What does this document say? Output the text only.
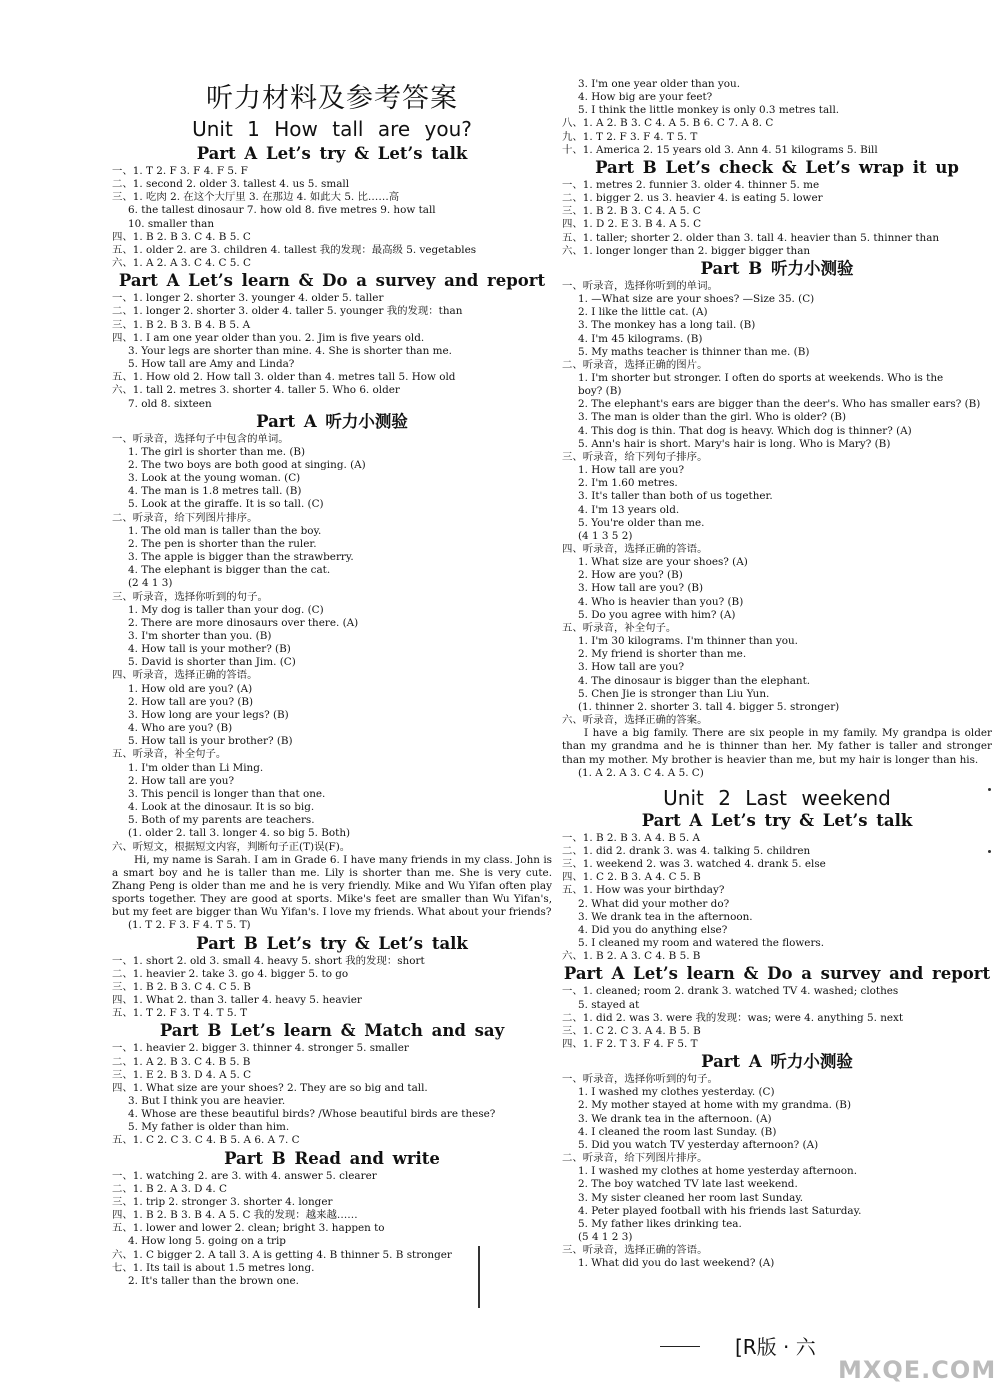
听力材料及参考答案
Unit 1 How tall are you?
Part A Let’s try & Let’s talk
一、1. T 2. F 3. F 4. F 5. F
二、1. second 2. older 3. tallest 4. us 5. small
三、1. 吃肉 2. 在这个大厅里 3. 在那边 4. 如此大 5. 比……高
6. the tallest dinosaur 7. how old 8. five metres 9. how tall
10. smaller than
四、1. B 2. B 3. C 4. B 5. C
五、1. older 2. are 3. children 4. tallest 我的发现：最高级 5. vegetables
六、1. A 2. A 3. C 4. C 5. C
Part A Let’s learn & Do a survey and report
一、1. longer 2. shorter 3. younger 4. older 5. taller
二、1. longer 2. shorter 3. older 4. taller 5. younger 我的发现：than
三、1. B 2. B 3. B 4. B 5. A
四、1. I am one year older than you. 2. Jim is five years old.
3. Your legs are shorter than mine. 4. She is shorter than me.
5. How tall are Amy and Linda?
五、1. How old 2. How tall 3. older than 4. metres tall 5. How old
六、1. tall 2. metres 3. shorter 4. taller 5. Who 6. older
7. old 8. sixteen
Part A 听力小测验
一、听录音，选择句子中包含的单词。
1. The girl is shorter than me. (B)
2. The two boys are both good at singing. (A)
3. Look at the young woman. (C)
4. The man is 1.8 metres tall. (B)
5. Look at the giraffe. It is so tall. (C)
二、听录音，给下列图片排序。
1. The old man is taller than the boy.
2. The pen is shorter than the ruler.
3. The apple is bigger than the strawberry.
4. The elephant is bigger than the cat.
(2 4 1 3)
三、听录音，选择你听到的句子。
1. My dog is taller than your dog. (C)
2. There are more dinosaurs over there. (A)
3. I'm shorter than you. (B)
4. How tall is your mother? (B)
5. David is shorter than Jim. (C)
四、听录音，选择正确的答语。
1. How old are you? (A)
2. How tall are you? (B)
3. How long are your legs? (B)
4. Who are you? (B)
5. How tall is your brother? (B)
五、听录音，补全句子。
1. I'm older than Li Ming.
2. How tall are you?
3. This pencil is longer than that one.
4. Look at the dinosaur. It is so big.
5. Both of my parents are teachers.
(1. older 2. tall 3. longer 4. so big 5. Both)
六、听短文，根据短文内容，判断句子正(T)误(F)。
Hi, my name is Sarah. I am in Grade 6. I have many friends in my class. John is a smart boy and he is taller than me. Lily is shorter than me. She is very cute. Zhang Peng is older than me and he is very friendly. Mike and Wu Yifan often play sports together. They are good at sports. Mike's feet are smaller than Wu Yifan's, but my feet are bigger than Wu Yifan's. I love my friends. What about your friends?
(1. T 2. F 3. F 4. T 5. T)
Part B Let’s try & Let’s talk
一、1. short 2. old 3. small 4. heavy 5. short 我的发现：short
二、1. heavier 2. take 3. go 4. bigger 5. to go
三、1. B 2. B 3. C 4. C 5. B
四、1. What 2. than 3. taller 4. heavy 5. heavier
五、1. T 2. F 3. T 4. T 5. T
Part B Let’s learn & Match and say
一、1. heavier 2. bigger 3. thinner 4. stronger 5. smaller
二、1. A 2. B 3. C 4. B 5. B
三、1. E 2. B 3. D 4. A 5. C
四、1. What size are your shoes? 2. They are so big and tall.
3. But I think you are heavier.
4. Whose are these beautiful birds? /Whose beautiful birds are these?
5. My father is older than him.
五、1. C 2. C 3. C 4. B 5. A 6. A 7. C
Part B Read and write
一、1. watching 2. are 3. with 4. answer 5. clearer
二、1. B 2. A 3. D 4. C
三、1. trip 2. stronger 3. shorter 4. longer
四、1. B 2. B 3. B 4. A 5. C 我的发现：越来越……
五、1. lower and lower 2. clean; bright 3. happen to
4. How long 5. going on a trip
六、1. C bigger 2. A tall 3. A is getting 4. B thinner 5. B stronger
七、1. Its tail is about 1.5 metres long.
2. It's taller than the brown one.
3. I'm one year older than you.
4. How big are your feet?
5. I think the little monkey is only 0.3 metres tall.
八、1. A 2. B 3. C 4. A 5. B 6. C 7. A 8. C
九、1. T 2. F 3. F 4. T 5. T
十、1. America 2. 15 years old 3. Ann 4. 51 kilograms 5. Bill
Part B Let’s check & Let’s wrap it up
一、1. metres 2. funnier 3. older 4. thinner 5. me
二、1. bigger 2. us 3. heavier 4. is eating 5. lower
三、1. B 2. B 3. C 4. A 5. C
四、1. D 2. E 3. B 4. A 5. C
五、1. taller; shorter 2. older than 3. tall 4. heavier than 5. thinner than
六、1. longer longer than 2. bigger bigger than
Part B 听力小测验
一、听录音，选择你听到的单词。
1. —What size are your shoes? —Size 35. (C)
2. I like the little cat. (A)
3. The monkey has a long tail. (B)
4. I'm 45 kilograms. (B)
5. My maths teacher is thinner than me. (B)
二、听录音，选择正确的图片。
1. I'm shorter but stronger. I often do sports at weekends. Who is the
boy? (B)
2. The elephant's ears are bigger than the deer's. Who has smaller ears? (B)
3. The man is older than the girl. Who is older? (B)
4. This dog is thin. That dog is heavy. Which dog is thinner? (A)
5. Ann's hair is short. Mary's hair is long. Who is Mary? (B)
三、听录音，给下列句子排序。
1. How tall are you?
2. I'm 1.60 metres.
3. It's taller than both of us together.
4. I'm 13 years old.
5. You're older than me.
(4 1 3 5 2)
四、听录音，选择正确的答语。
1. What size are your shoes? (A)
2. How are you? (B)
3. How tall are you? (B)
4. Who is heavier than you? (B)
5. Do you agree with him? (A)
五、听录音，补全句子。
1. I'm 30 kilograms. I'm thinner than you.
2. My friend is shorter than me.
3. How tall are you?
4. The dinosaur is bigger than the elephant.
5. Chen Jie is stronger than Liu Yun.
(1. thinner 2. shorter 3. tall 4. bigger 5. stronger)
六、听录音，选择正确的答案。
I have a big family. There are six people in my family. My grandpa is older than my grandma and he is thinner than her. My father is taller and stronger than my mother. My brother is heavier than me, but my hair is longer than his.
(1. A 2. A 3. C 4. A 5. C)
Unit 2 Last weekend
Part A Let’s try & Let’s talk
一、1. B 2. B 3. A 4. B 5. A
二、1. did 2. drank 3. was 4. talking 5. children
三、1. weekend 2. was 3. watched 4. drank 5. else
四、1. C 2. B 3. A 4. C 5. B
五、1. How was your birthday?
2. What did your mother do?
3. We drank tea in the afternoon.
4. Did you do anything else?
5. I cleaned my room and watered the flowers.
六、1. B 2. A 3. C 4. B 5. B
Part A Let’s learn & Do a survey and report
一、1. cleaned; room 2. drank 3. watched TV 4. washed; clothes
5. stayed at
二、1. did 2. was 3. were 我的发现：was; were 4. anything 5. next
三、1. C 2. C 3. A 4. B 5. B
四、1. F 2. T 3. F 4. F 5. T
Part A 听力小测验
一、听录音，选择你听到的句子。
1. I washed my clothes yesterday. (C)
2. My mother stayed at home with my grandma. (B)
3. We drank tea in the afternoon. (A)
4. I cleaned the room last Sunday. (B)
5. Did you watch TV yesterday afternoon? (A)
二、听录音，给下列图片排序。
1. I washed my clothes at home yesterday afternoon.
2. The boy watched TV late last weekend.
3. My sister cleaned her room last Sunday.
4. Peter played football with his friends last Saturday.
5. My father likes drinking tea.
(5 4 1 2 3)
三、听录音，选择正确的答语。
1. What did you do last weekend? (A)
[R版 · 六
MXQE.COM
